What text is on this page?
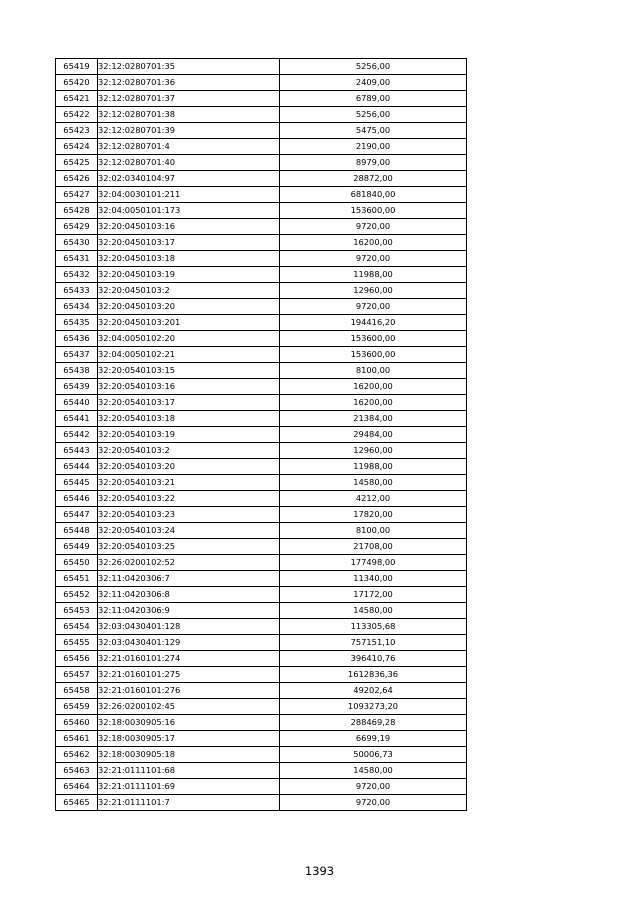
65419	32:12:0280701:35	5256,00
65420	32:12:0280701:36	2409,00
65421	32:12:0280701:37	6789,00
65422	32:12:0280701:38	5256,00
65423	32:12:0280701:39	5475,00
65424	32:12:0280701:4	2190,00
65425	32:12:0280701:40	8979,00
65426	32:02:0340104:97	28872,00
65427	32:04:0030101:211	681840,00
65428	32:04:0050101:173	153600,00
65429	32:20:0450103:16	9720,00
65430	32:20:0450103:17	16200,00
65431	32:20:0450103:18	9720,00
65432	32:20:0450103:19	11988,00
65433	32:20:0450103:2	12960,00
65434	32:20:0450103:20	9720,00
65435	32:20:0450103:201	194416,20
65436	32:04:0050102:20	153600,00
65437	32:04:0050102:21	153600,00
65438	32:20:0540103:15	8100,00
65439	32:20:0540103:16	16200,00
65440	32:20:0540103:17	16200,00
65441	32:20:0540103:18	21384,00
65442	32:20:0540103:19	29484,00
65443	32:20:0540103:2	12960,00
65444	32:20:0540103:20	11988,00
65445	32:20:0540103:21	14580,00
65446	32:20:0540103:22	4212,00
65447	32:20:0540103:23	17820,00
65448	32:20:0540103:24	8100,00
65449	32:20:0540103:25	21708,00
65450	32:26:0200102:52	177498,00
65451	32:11:0420306:7	11340,00
65452	32:11:0420306:8	17172,00
65453	32:11:0420306:9	14580,00
65454	32:03:0430401:128	113305,68
65455	32:03:0430401:129	757151,10
65456	32:21:0160101:274	396410,76
65457	32:21:0160101:275	1612836,36
65458	32:21:0160101:276	49202,64
65459	32:26:0200102:45	1093273,20
65460	32:18:0030905:16	288469,28
65461	32:18:0030905:17	6699,19
65462	32:18:0030905:18	50006,73
65463	32:21:0111101:68	14580,00
65464	32:21:0111101:69	9720,00
65465	32:21:0111101:7	9720,00
1393
